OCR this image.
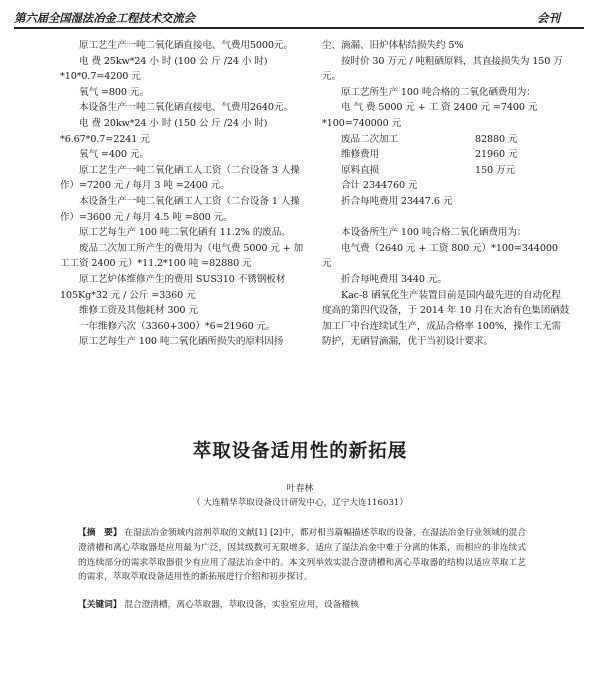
第六届全国湿法冶金工程技术交流会	会刊

原工艺生产一吨二氧化硒直接电、气费用5000元。

电 费 25kw*24 小 时 (100 公 斤 /24 小 时) *10*0.7=4200 元

氧气 =800 元。

本设备生产一吨二氧化硒直接电、气费用2640元。

电 费 20kw*24 小 时 (150 公 斤 /24 小 时) *6.67*0.7=2241 元

氧气 =400 元。

原工艺生产一吨二氧化硒工人工资（二台设备 3 人操作）=7200 元 / 每月 3 吨 =2400 元。

本设备生产一吨二氧化硒工人工资（二台设备 1 人操作）=3600 元 / 每月 4.5 吨 =800 元。

原工艺每生产 100 吨二氧化硒有 11.2% 的废品。

废品二次加工所产生的费用为（电气费 5000 元 + 加工工资 2400 元）*11.2*100 吨 =82880 元

原工艺炉体维修产生的费用 SUS310 不锈钢板材 105Kg*32 元 / 公斤 =3360 元

维修工资及其他耗材 300 元

一年维修六次（3360+300）*6=21960 元。

原工艺每生产 100 吨二氧化硒所损失的原料因扬

尘、滴漏、旧炉体粘结损失约 5%

按时价 30 万元 / 吨粗硒原料，其直接损失为 150 万元。

原工艺所生产 100 吨合格的二氧化硒费用为：

电 气 费 5000 元 + 工 资 2400 元 =7400 元 *100=740000 元

废品二次加工	82880 元
维修费用	21960 元
原料直损	150 万元

合计 2344760 元

折合每吨费用 23447.6 元

本设备所生产 100 吨合格二氧化硒费用为：

电气费（2640 元 + 工资 800 元）*100=344000 元

折合每吨费用 3440 元。

Kac-8 硒氧化生产装置目前是国内最先进的自动化程度高的第四代设备，于 2014 年 10 月在大冶有色集团硒鼓加工厂中台连续试生产，成品合格率 100%，操作工无需防护，无硒冒滴漏，优于当初设计要求。

萃取设备适用性的新拓展
叶春林
（ 大连精华萃取设备设计研发中心，辽宁大连116031）
【摘　要】 在湿法冶金领域内溶剂萃取的文献[1] [2]中，都对相当篇幅描述萃取的设备，在湿法冶金行业领域的混合澄清槽和离心萃取器是应用最为广泛，因其级数可无限增多，适应了湿法冶金中难于分离的体系，而相应的非连续式的连续部分的需求萃取器很少有应用了湿法冶金中的。本文列举效实混合澄清槽和离心萃取器的结构以适应萃取工艺的需求，萃取萃取设备适用性的新拓展进行介绍和初步探讨。
【关键词】 混合澄清槽，离心萃取器，萃取设备，实验室应用，设备稽核
